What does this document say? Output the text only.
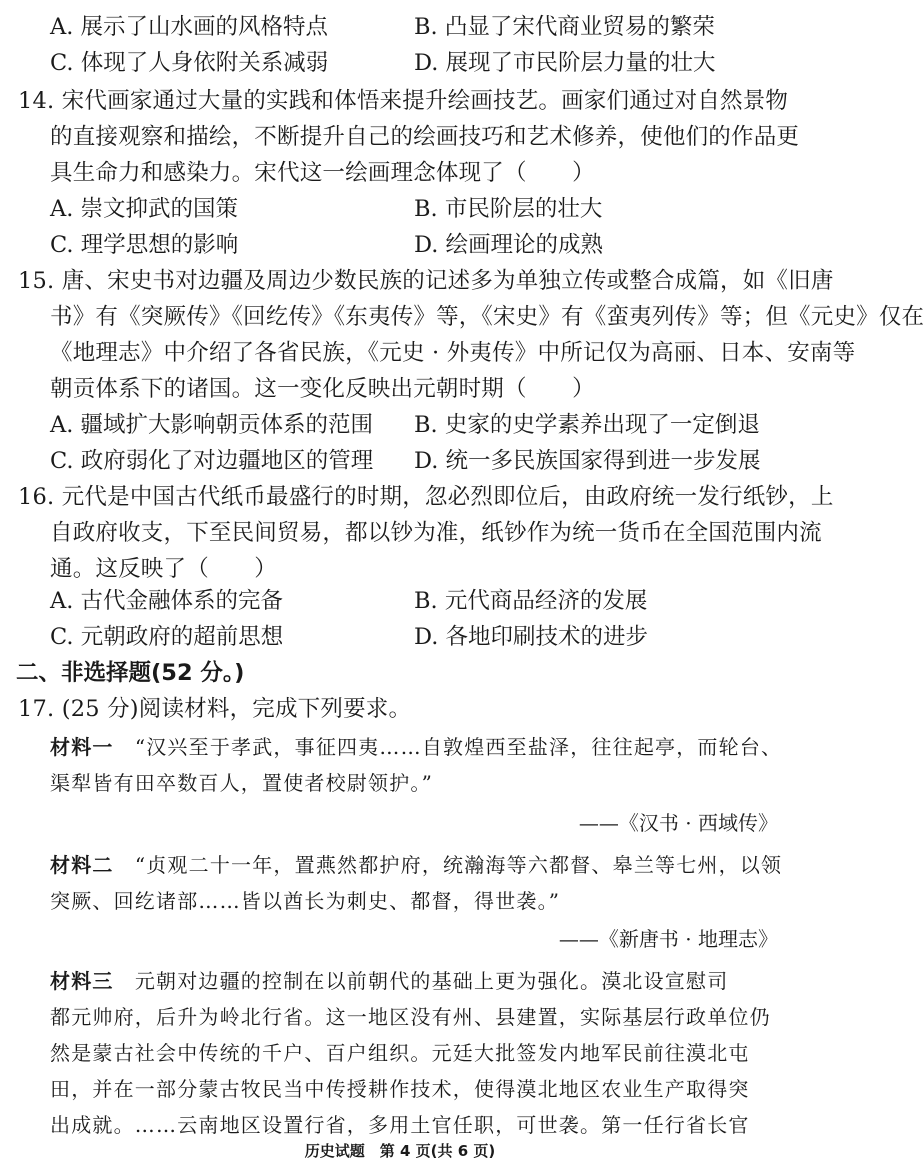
A. 展示了山水画的风格特点	B. 凸显了宋代商业贸易的繁荣
C. 体现了人身依附关系减弱	D. 展现了市民阶层力量的壮大
14. 宋代画家通过大量的实践和体悟来提升绘画技艺。画家们通过对自然景物
的直接观察和描绘，不断提升自己的绘画技巧和艺术修养，使他们的作品更
具生命力和感染力。宋代这一绘画理念体现了（　　）
A. 崇文抑武的国策	B. 市民阶层的壮大
C. 理学思想的影响	D. 绘画理论的成熟
15. 唐、宋史书对边疆及周边少数民族的记述多为单独立传或整合成篇，如《旧唐
书》有《突厥传》《回纥传》《东夷传》等，《宋史》有《蛮夷列传》等；但《元史》仅在
《地理志》中介绍了各省民族，《元史 · 外夷传》中所记仅为高丽、日本、安南等
朝贡体系下的诸国。这一变化反映出元朝时期（　　）
A. 疆域扩大影响朝贡体系的范围 B. 史家的史学素养出现了一定倒退
C. 政府弱化了对边疆地区的管理 D. 统一多民族国家得到进一步发展
16. 元代是中国古代纸币最盛行的时期，忽必烈即位后，由政府统一发行纸钞，上
自政府收支，下至民间贸易，都以钞为准，纸钞作为统一货币在全国范围内流
通。这反映了（　　）
A. 古代金融体系的完备	B. 元代商品经济的发展
C. 元朝政府的超前思想	D. 各地印刷技术的进步
二、非选择题(52 分。)
17. (25 分)阅读材料，完成下列要求。
材料一　 “汉兴至于孝武，事征四夷……自敦煌西至盐泽，往往起亭，而轮台、
渠犁皆有田卒数百人，置使者校尉领护。”
——《汉书 · 西域传》
材料二　 “贞观二十一年，置燕然都护府，统瀚海等六都督、皋兰等七州，以领
突厥、回纥诸部……皆以酋长为刺史、都督，得世袭。”
——《新唐书 · 地理志》
材料三　 元朝对边疆的控制在以前朝代的基础上更为强化。漠北设宣慰司
都元帅府，后升为岭北行省。这一地区没有州、县建置，实际基层行政单位仍
然是蒙古社会中传统的千户、百户组织。元廷大批签发内地军民前往漠北屯
田，并在一部分蒙古牧民当中传授耕作技术，使得漠北地区农业生产取得突
出成就。……云南地区设置行省，多用土官任职，可世袭。第一任行省长官
历史试题　第 4 页(共 6 页)
